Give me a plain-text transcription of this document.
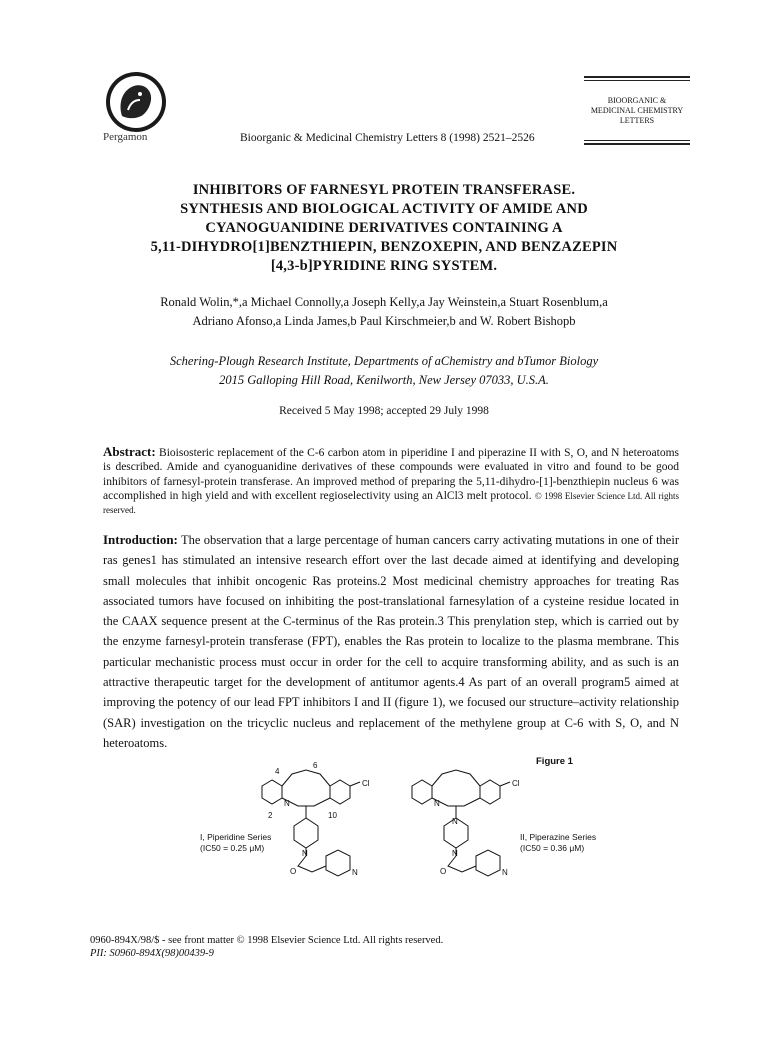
Pergamon	Bioorganic & Medicinal Chemistry Letters 8 (1998) 2521–2526
BIOORGANIC &
MEDICINAL CHEMISTRY
LETTERS
INHIBITORS OF FARNESYL PROTEIN TRANSFERASE.
SYNTHESIS AND BIOLOGICAL ACTIVITY OF AMIDE AND
CYANOGUANIDINE DERIVATIVES CONTAINING A
5,11-DIHYDRO[1]BENZTHIEPIN, BENZOXEPIN, AND BENZAZEPIN
[4,3-b]PYRIDINE RING SYSTEM.
Ronald Wolin,*,a Michael Connolly,a Joseph Kelly,a Jay Weinstein,a Stuart Rosenblum,a
Adriano Afonso,a Linda James,b Paul Kirschmeier,b and W. Robert Bishopb
Schering-Plough Research Institute, Departments of aChemistry and bTumor Biology
2015 Galloping Hill Road, Kenilworth, New Jersey 07033, U.S.A.
Received 5 May 1998; accepted 29 July 1998
Abstract: Bioisosteric replacement of the C-6 carbon atom in piperidine I and piperazine II with S, O, and N heteroatoms is described. Amide and cyanoguanidine derivatives of these compounds were evaluated in vitro and found to be good inhibitors of farnesyl-protein transferase. An improved method of preparing the 5,11-dihydro-[1]-benzthiepin nucleus 6 was accomplished in high yield and with excellent regioselectivity using an AlCl3 melt protocol. © 1998 Elsevier Science Ltd. All rights reserved.
Introduction: The observation that a large percentage of human cancers carry activating mutations in one of their ras genes1 has stimulated an intensive research effort over the last decade aimed at identifying and developing small molecules that inhibit oncogenic Ras proteins.2 Most medicinal chemistry approaches for treating Ras associated tumors have focused on inhibiting the post-translational farnesylation of a cysteine residue located in the CAAX sequence present at the C-terminus of the Ras protein.3 This prenylation step, which is carried out by the enzyme farnesyl-protein transferase (FPT), enables the Ras protein to localize to the plasma membrane. This particular mechanistic process must occur in order for the cell to acquire transforming ability, and as such is an attractive therapeutic target for the development of antitumor agents.4 As part of an overall program5 aimed at improving the potency of our lead FPT inhibitors I and II (figure 1), we focused our structure–activity relationship (SAR) investigation on the tricyclic nucleus and replacement of the methylene group at C-6 with S, O, and N heteroatoms.
Figure 1
6
4
2	10
Cl
N
N
O	N
Cl
N
N
N
O	N
I, Piperidine Series
(IC50 = 0.25 μM)
II, Piperazine Series
(IC50 = 0.36 μM)
0960-894X/98/$ - see front matter © 1998 Elsevier Science Ltd. All rights reserved.
PII: S0960-894X(98)00439-9
